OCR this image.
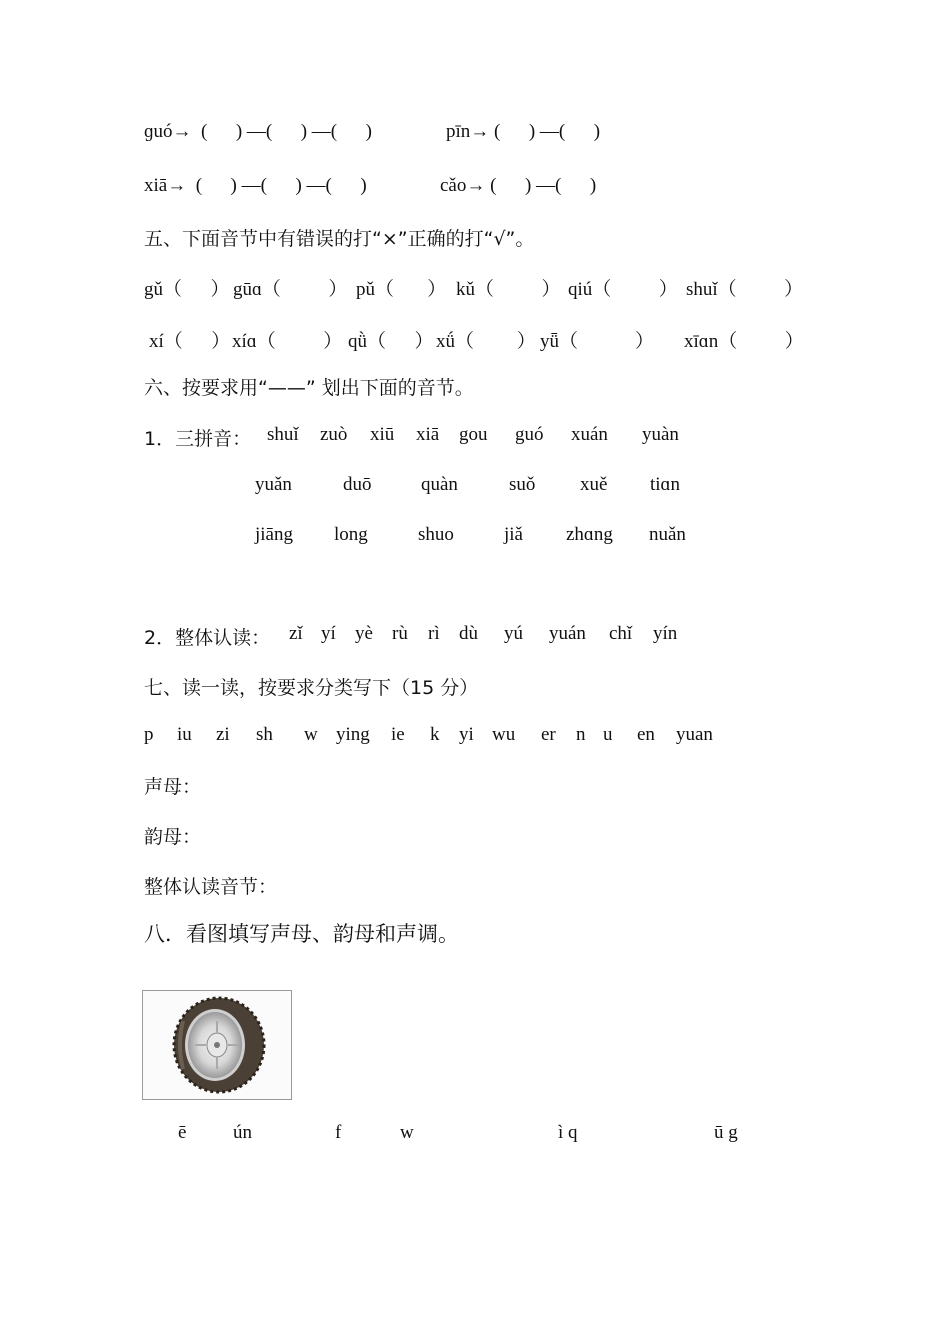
ɡuó→  (      ) —(      ) —(      )	pīn→ (      ) —(      )
xiā→  (      ) —(      ) —(      )	cǎo→ (      ) —(      )
五、下面音节中有错误的打“×”正确的打“√”。
gǔ（      ） gūɑ（          ） pǔ（       ） kǔ（          ） qiú（          ） shuǐ（          ）
xí（      ） xíɑ（          ） qǜ（      ） xǘ（         ） yǖ（            ） xīɑn（          ）
六、按要求用“——” 划出下面的音节。
1．三拼音： shuǐ zuò xiū xiā gou guó xuán yuàn
yuǎn	duō	quàn	suǒ xuě tiɑn
jiāng long	shuo	jiǎ zhɑng nuǎn
2．整体认读： zǐ yí yè rù rì dù yú yuán chǐ yín
七、读一读，按要求分类写下（15 分）
p iu zi sh w ying ie k yi wu er n u en yuan
声母：
韵母：
整体认读音节：
八．看图填写声母、韵母和声调。
ē ún	f	w	ì q	ū g
